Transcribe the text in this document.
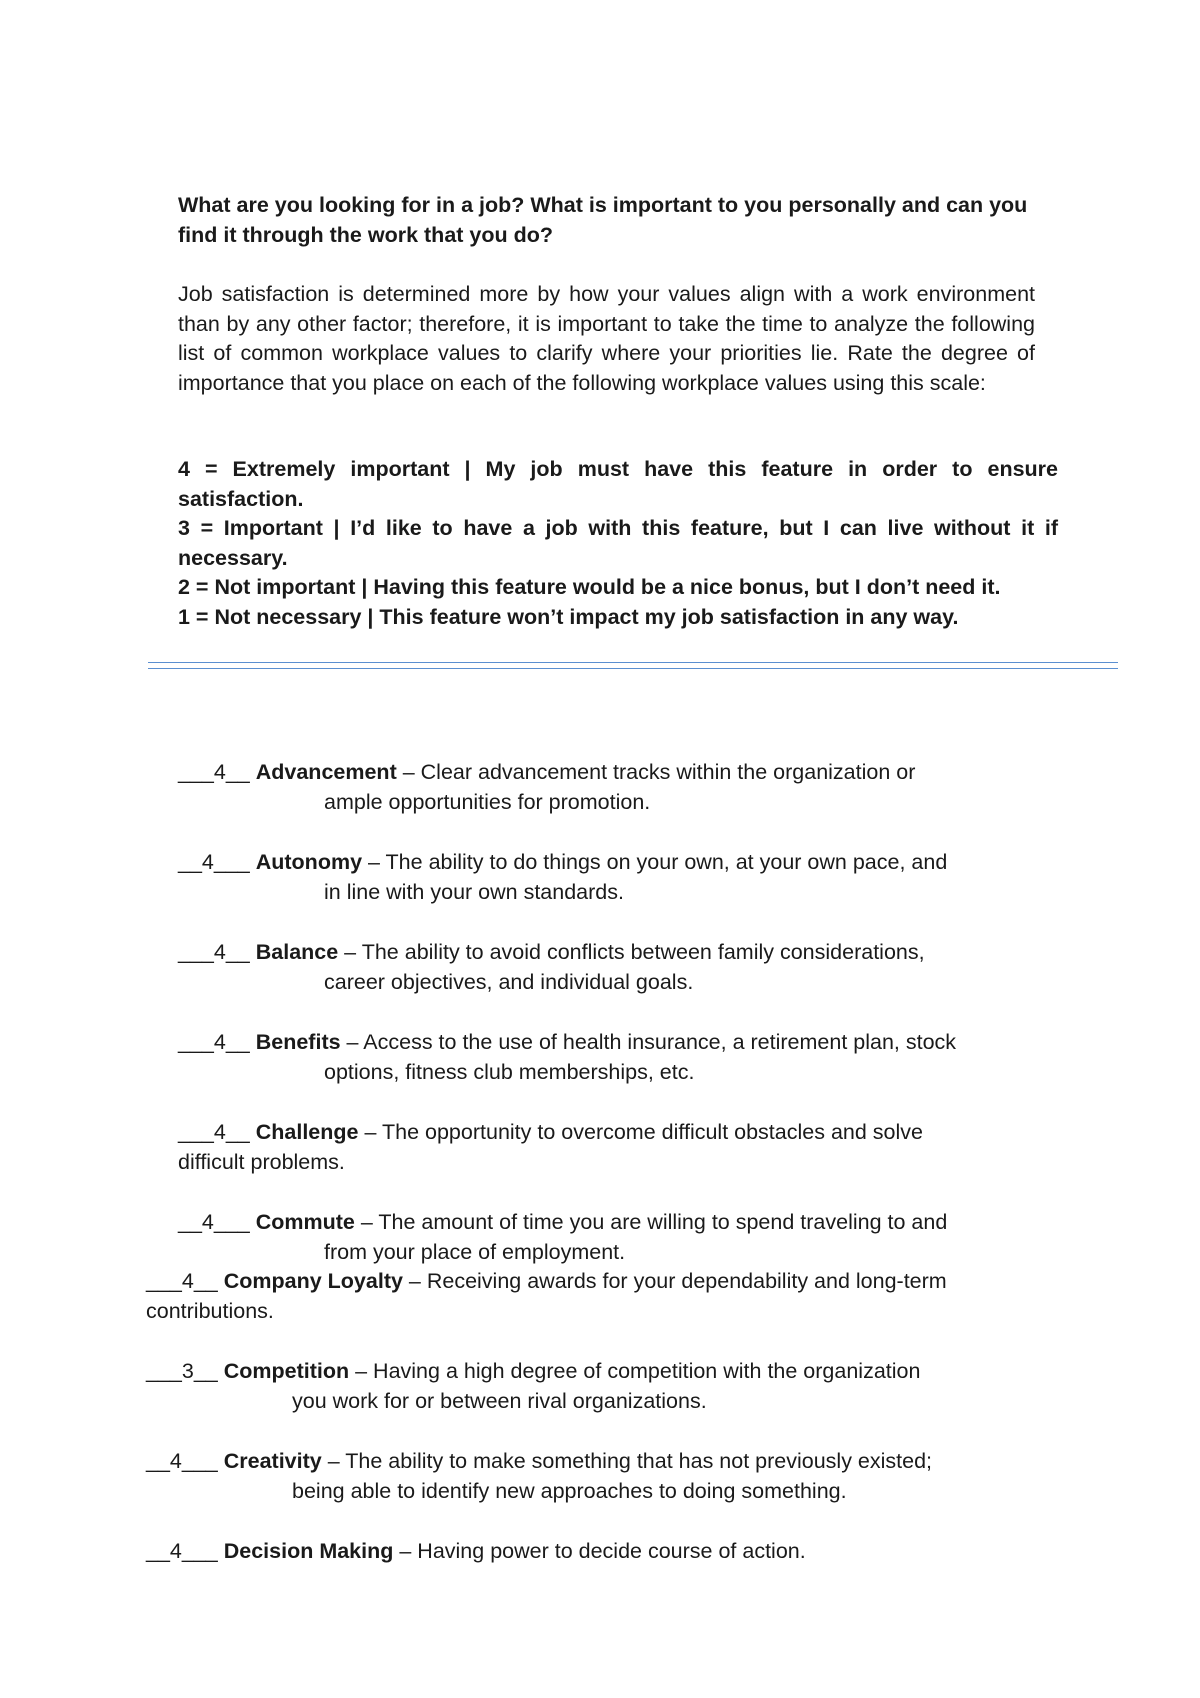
What are you looking for in a job? What is important to you personally and can you find it through the work that you do?

Job satisfaction is determined more by how your values align with a work environment than by any other factor; therefore, it is important to take the time to analyze the following list of common workplace values to clarify where your priorities lie. Rate the degree of importance that you place on each of the following workplace values using this scale:

4 = Extremely important | My job must have this feature in order to ensure satisfaction.
3 = Important | I’d like to have a job with this feature, but I can live without it if necessary.
2 = Not important | Having this feature would be a nice bonus, but I don’t need it.
1 = Not necessary | This feature won’t impact my job satisfaction in any way.
___4__ Advancement – Clear advancement tracks within the organization or
ample opportunities for promotion.
__4___ Autonomy – The ability to do things on your own, at your own pace, and
in line with your own standards.
___4__ Balance – The ability to avoid conflicts between family considerations,
career objectives, and individual goals.
___4__ Benefits – Access to the use of health insurance, a retirement plan, stock
options, fitness club memberships, etc.
___4__ Challenge – The opportunity to overcome difficult obstacles and solve
difficult problems.
__4___ Commute – The amount of time you are willing to spend traveling to and
from your place of employment.
___4__ Company Loyalty – Receiving awards for your dependability and long-term
contributions.
___3__ Competition – Having a high degree of competition with the organization
you work for or between rival organizations.
__4___ Creativity – The ability to make something that has not previously existed;
being able to identify new approaches to doing something.
__4___ Decision Making – Having power to decide course of action.
